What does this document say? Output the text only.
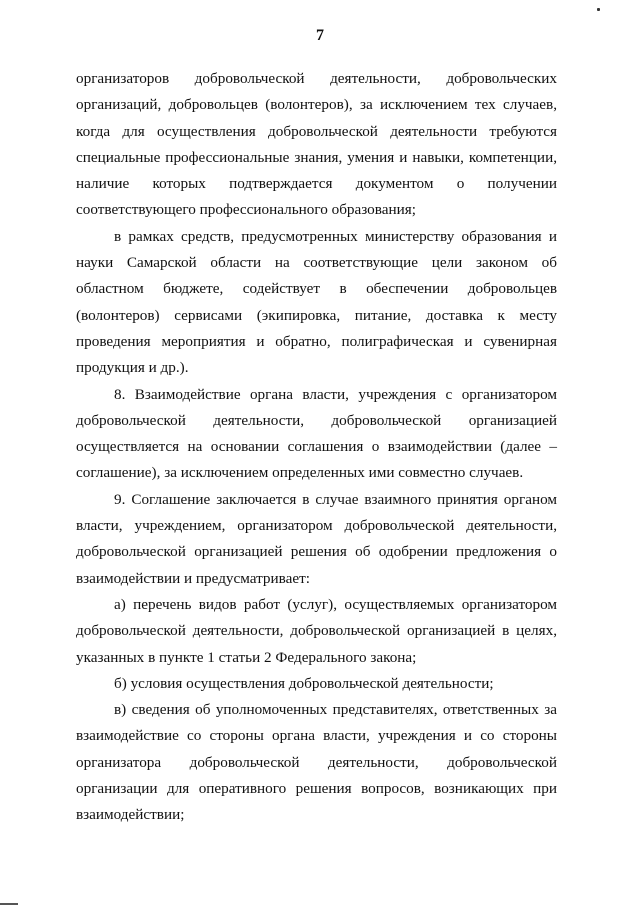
7
организаторов добровольческой деятельности, добровольческих
организаций, добровольцев (волонтеров), за исключением тех случаев,
когда для осуществления добровольческой деятельности требуются
специальные профессиональные знания, умения и навыки, компетенции,
наличие которых подтверждается документом о получении
соответствующего профессионального образования;
в рамках средств, предусмотренных министерству образования и
науки Самарской области на соответствующие цели законом об
областном бюджете, содействует в обеспечении добровольцев
(волонтеров) сервисами (экипировка, питание, доставка к месту
проведения мероприятия и обратно, полиграфическая и сувенирная
продукция и др.).
8. Взаимодействие органа власти, учреждения с организатором
добровольческой деятельности, добровольческой организацией
осуществляется на основании соглашения о взаимодействии (далее –
соглашение), за исключением определенных ими совместно случаев.
9. Соглашение заключается в случае взаимного принятия органом
власти, учреждением, организатором добровольческой деятельности,
добровольческой организацией решения об одобрении предложения о
взаимодействии и предусматривает:
а) перечень видов работ (услуг), осуществляемых организатором
добровольческой деятельности, добровольческой организацией в целях,
указанных в пункте 1 статьи 2 Федерального закона;
б) условия осуществления добровольческой деятельности;
в) сведения об уполномоченных представителях, ответственных за
взаимодействие со стороны органа власти, учреждения и со стороны
организатора добровольческой деятельности, добровольческой
организации для оперативного решения вопросов, возникающих при
взаимодействии;
